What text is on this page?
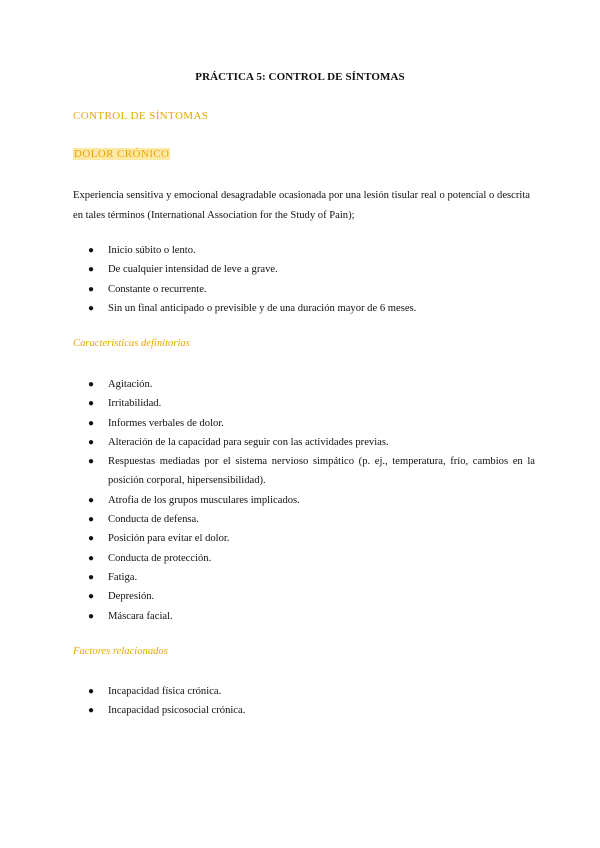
PRÁCTICA 5: CONTROL DE SÍNTOMAS
CONTROL DE SÍNTOMAS
DOLOR CRÓNICO
Experiencia sensitiva y emocional desagradable ocasionada por una lesión tisular real o potencial o descrita en tales términos (International Association for the Study of Pain);
● Inicio súbito o lento.
● De cualquier intensidad de leve a grave.
● Constante o recurrente.
● Sin un final anticipado o previsible y de una duración mayor de 6 meses.
Características definitorias
● Agitación.
● Irritabilidad.
● Informes verbales de dolor.
● Alteración de la capacidad para seguir con las actividades previas.
● Respuestas mediadas por el sistema nervioso simpático (p. ej., temperatura, frío, cambios en la posición corporal, hipersensibilidad).
● Atrofia de los grupos musculares implicados.
● Conducta de defensa.
● Posición para evitar el dolor.
● Conducta de protección.
● Fatiga.
● Depresión.
● Máscara facial.
Factores relacionados
● Incapacidad física crónica.
● Incapacidad psicosocial crónica.
